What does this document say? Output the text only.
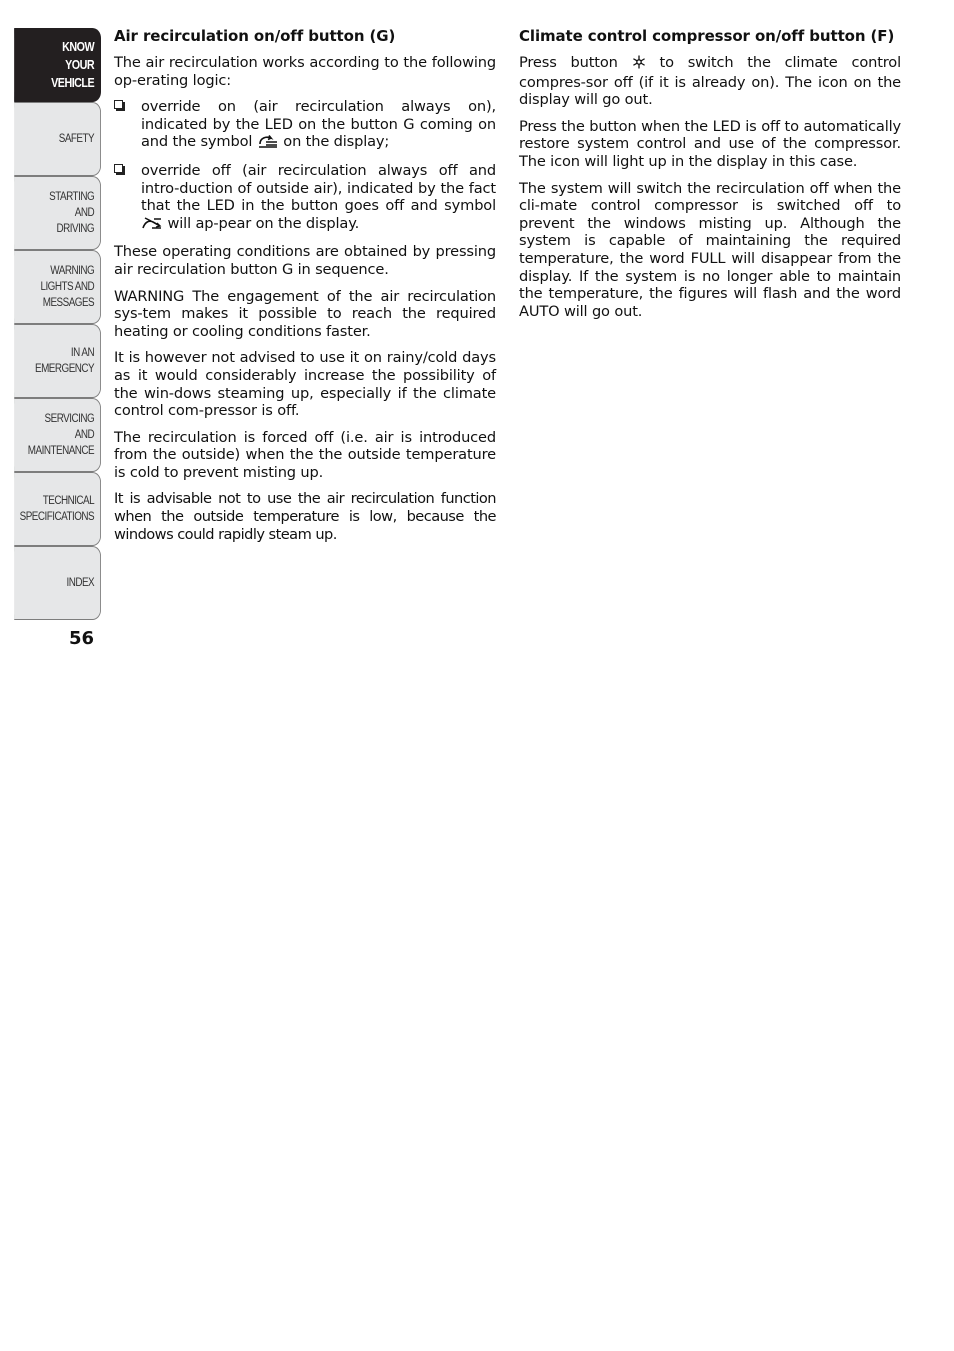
KNOW
YOUR
VEHICLE
SAFETY
STARTING
AND
DRIVING
WARNING
LIGHTS AND
MESSAGES
IN AN
EMERGENCY
SERVICING
AND
MAINTENANCE
TECHNICAL
SPECIFICATIONS
INDEX
56
Air recirculation on/off button (G)

The air recirculation works according to the following op-erating logic:

override on (air recirculation always on), indicated by the LED on the button G coming on and the symbol  on the display;
override off (air recirculation always off and intro-duction of outside air), indicated by the fact that the LED in the button goes off and symbol  will ap-pear on the display.

These operating conditions are obtained by pressing air recirculation button G in sequence.

WARNING The engagement of the air recirculation sys-tem makes it possible to reach the required heating or cooling conditions faster.

It is however not advised to use it on rainy/cold days as it would considerably increase the possibility of the win-dows steaming up, especially if the climate control com-pressor is off.

The recirculation is forced off (i.e. air is introduced from the outside) when the the outside temperature is cold to prevent misting up.

It is advisable not to use the air recirculation function when the outside temperature is low, because the windows could rapidly steam up.

Climate control compressor on/off button (F)

Press button  to switch the climate control compres-sor off (if it is already on). The icon on the display will go out.

Press the button when the LED is off to automatically restore system control and use of the compressor. The icon will light up in the display in this case.

The system will switch the recirculation off when the cli-mate control compressor is switched off to prevent the windows misting up. Although the system is capable of maintaining the required temperature, the word FULL will disappear from the display. If the system is no longer able to maintain the temperature, the figures will flash and the word AUTO will go out.
